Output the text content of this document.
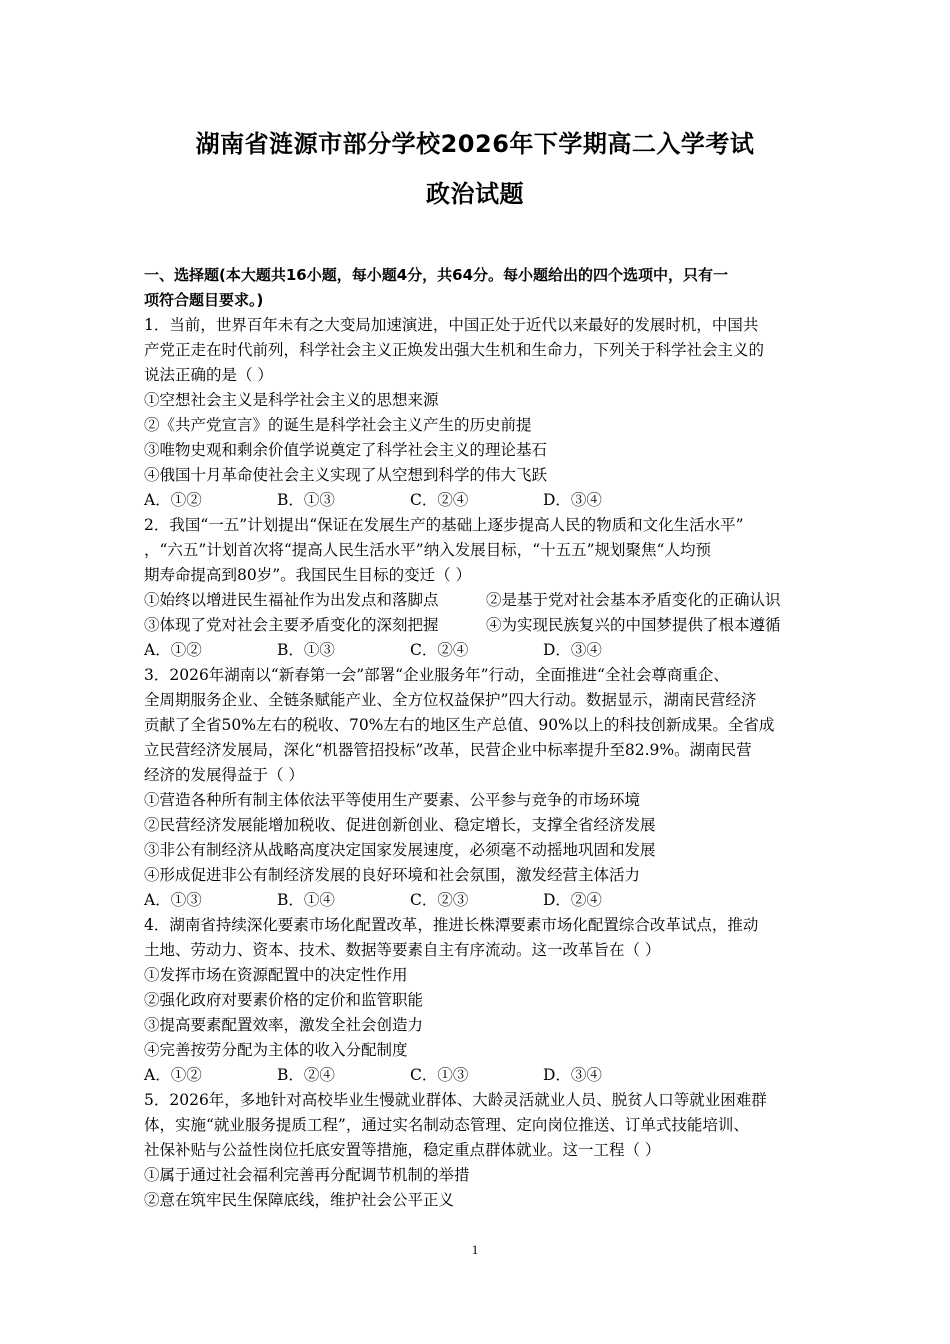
湖南省涟源市部分学校2026年下学期高二入学考试
政治试题
一、选择题(本大题共16小题，每小题4分，共64分。每小题给出的四个选项中，只有一
项符合题目要求。)
1．当前，世界百年未有之大变局加速演进，中国正处于近代以来最好的发展时机，中国共
产党正走在时代前列，科学社会主义正焕发出强大生机和生命力，下列关于科学社会主义的
说法正确的是（ ）
①空想社会主义是科学社会主义的思想来源
②《共产党宣言》的诞生是科学社会主义产生的历史前提
③唯物史观和剩余价值学说奠定了科学社会主义的理论基石
④俄国十月革命使社会主义实现了从空想到科学的伟大飞跃
A．①②	B．①③	C．②④	D．③④
2．我国“一五”计划提出“保证在发展生产的基础上逐步提高人民的物质和文化生活水平”
，“六五”计划首次将“提高人民生活水平”纳入发展目标，“十五五”规划聚焦“人均预
期寿命提高到80岁”。我国民生目标的变迁（ ）
①始终以增进民生福祉作为出发点和落脚点	②是基于党对社会基本矛盾变化的正确认识
③体现了党对社会主要矛盾变化的深刻把握	④为实现民族复兴的中国梦提供了根本遵循
A．①②	B．①③	C．②④	D．③④
3．2026年湖南以“新春第一会”部署“企业服务年”行动，全面推进“全社会尊商重企、
全周期服务企业、全链条赋能产业、全方位权益保护”四大行动。数据显示，湖南民营经济
贡献了全省50%左右的税收、70%左右的地区生产总值、90%以上的科技创新成果。全省成
立民营经济发展局，深化“机器管招投标”改革，民营企业中标率提升至82.9%。湖南民营
经济的发展得益于（ ）
①营造各种所有制主体依法平等使用生产要素、公平参与竞争的市场环境
②民营经济发展能增加税收、促进创新创业、稳定增长，支撑全省经济发展
③非公有制经济从战略高度决定国家发展速度，必须毫不动摇地巩固和发展
④形成促进非公有制经济发展的良好环境和社会氛围，激发经营主体活力
A．①③	B．①④	C．②③	D．②④
4．湖南省持续深化要素市场化配置改革，推进长株潭要素市场化配置综合改革试点，推动
土地、劳动力、资本、技术、数据等要素自主有序流动。这一改革旨在（ ）
①发挥市场在资源配置中的决定性作用
②强化政府对要素价格的定价和监管职能
③提高要素配置效率，激发全社会创造力
④完善按劳分配为主体的收入分配制度
A．①②	B．②④	C．①③	D．③④
5．2026年，多地针对高校毕业生慢就业群体、大龄灵活就业人员、脱贫人口等就业困难群
体，实施“就业服务提质工程”，通过实名制动态管理、定向岗位推送、订单式技能培训、
社保补贴与公益性岗位托底安置等措施，稳定重点群体就业。这一工程（ ）
①属于通过社会福利完善再分配调节机制的举措
②意在筑牢民生保障底线，维护社会公平正义
1
